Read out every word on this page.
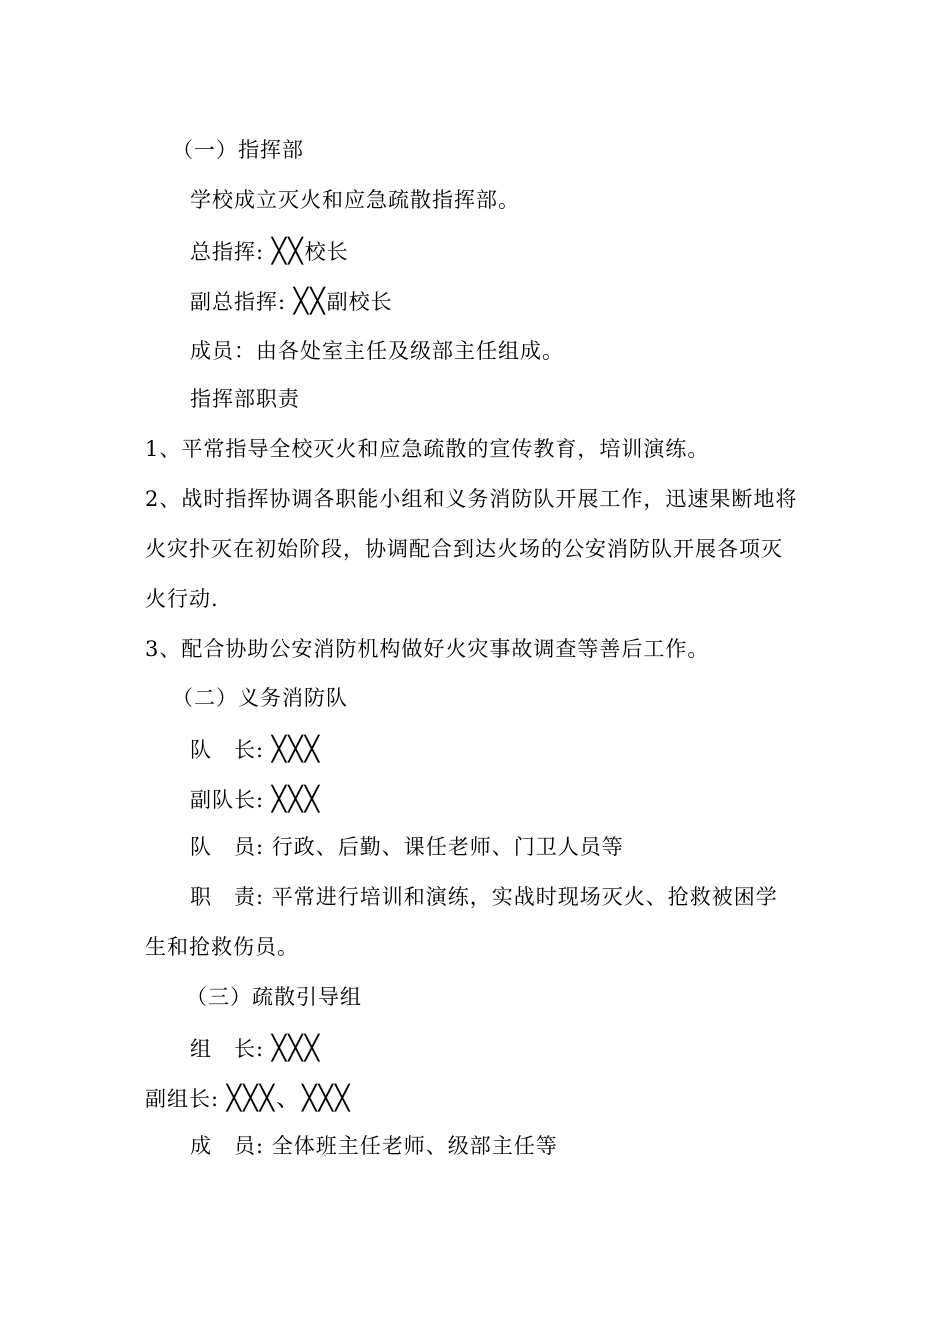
（一）指挥部
学校成立灭火和应急疏散指挥部。
总指挥: ╳╳校长
副总指挥: ╳╳副校长
成员：由各处室主任及级部主任组成。
指挥部职责
1、平常指导全校灭火和应急疏散的宣传教育，培训演练。
2、战时指挥协调各职能小组和义务消防队开展工作，迅速果断地将
火灾扑灭在初始阶段，协调配合到达火场的公安消防队开展各项灭
火行动.
3、配合协助公安消防机构做好火灾事故调查等善后工作。
（二）义务消防队
队　长: ╳╳╳
副队长: ╳╳╳
队　员: 行政、后勤、课任老师、门卫人员等
职　责: 平常进行培训和演练，实战时现场灭火、抢救被困学
生和抢救伤员。
（三）疏散引导组
组　长: ╳╳╳
副组长: ╳╳╳、╳╳╳
成　员: 全体班主任老师、级部主任等
